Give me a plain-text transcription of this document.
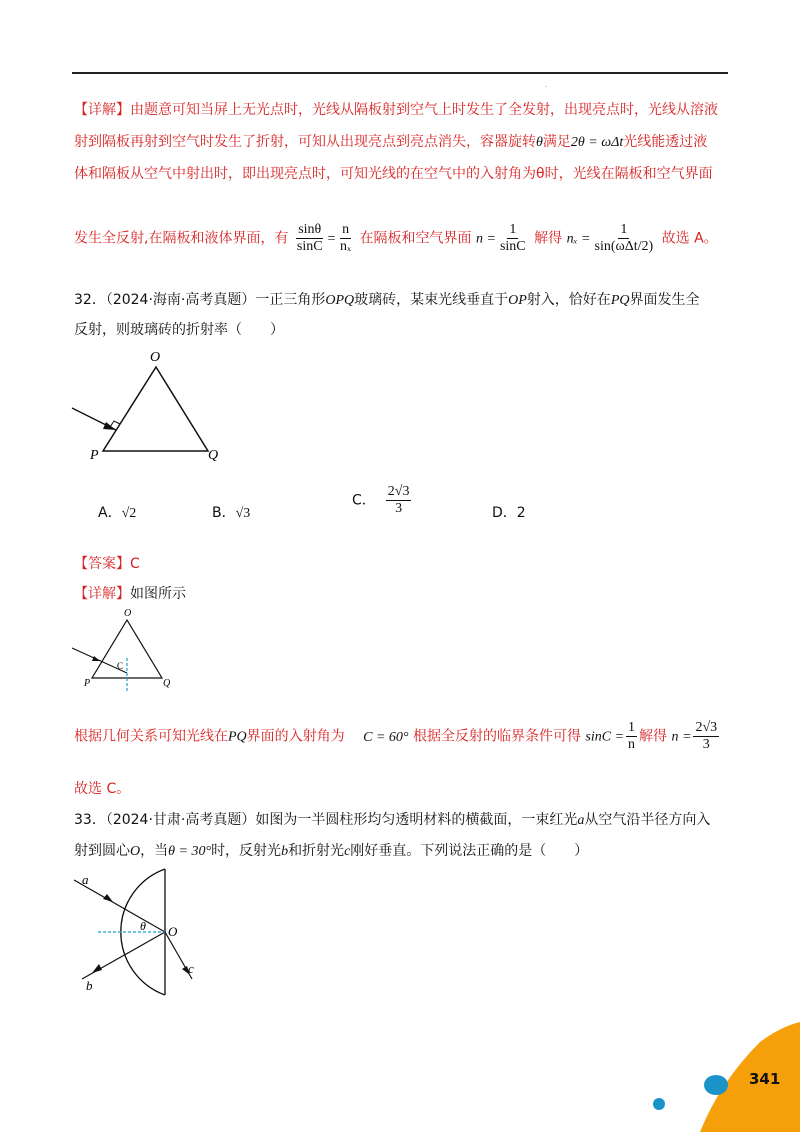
.
【详解】由题意可知当屏上无光点时，光线从隔板射到空气上时发生了全发射，出现亮点时，光线从溶液
射到隔板再射到空气时发生了折射，可知从出现亮点到亮点消失，容器旋转θ满足2θ = ωΔt光线能透过液
体和隔板从空气中射出时，即出现亮点时，可知光线的在空气中的入射角为θ时，光线在隔板和空气界面
发生全反射,在隔板和液体界面，有 $\frac{\sin\theta}{\sin C} = \frac{n}{\text{nₓ}}$ 在隔板和空气界面 $n = \frac{1}{\sin C}$ 解得 $n_x = \frac{1}{\text{sin(ωΔt/2)}}$ 故选 A。
32．（2024·海南·高考真题）一正三角形OPQ玻璃砖，某束光线垂直于OP射入，恰好在PQ界面发生全
反射，则玻璃砖的折射率（　　）
O
P	Q
A．√2	B．√3
C． $\frac{2√3}{3}$	D．2
【答案】C
【详解】如图所示
O
P	Q
C
根据几何关系可知光线在PQ界面的入射角为 C = 60° 根据全反射的临界条件可得 $\sin C = \frac{1}{n}$ 解得 $n = \frac{2√3}{3}$
故选 C。
33．（2024·甘肃·高考真题）如图为一半圆柱形均匀透明材料的横截面，一束红光a从空气沿半径方向入
射到圆心O，当θ = 30°时，反射光b和折射光c刚好垂直。下列说法正确的是（　　）
a
b
c
O
θ
341
